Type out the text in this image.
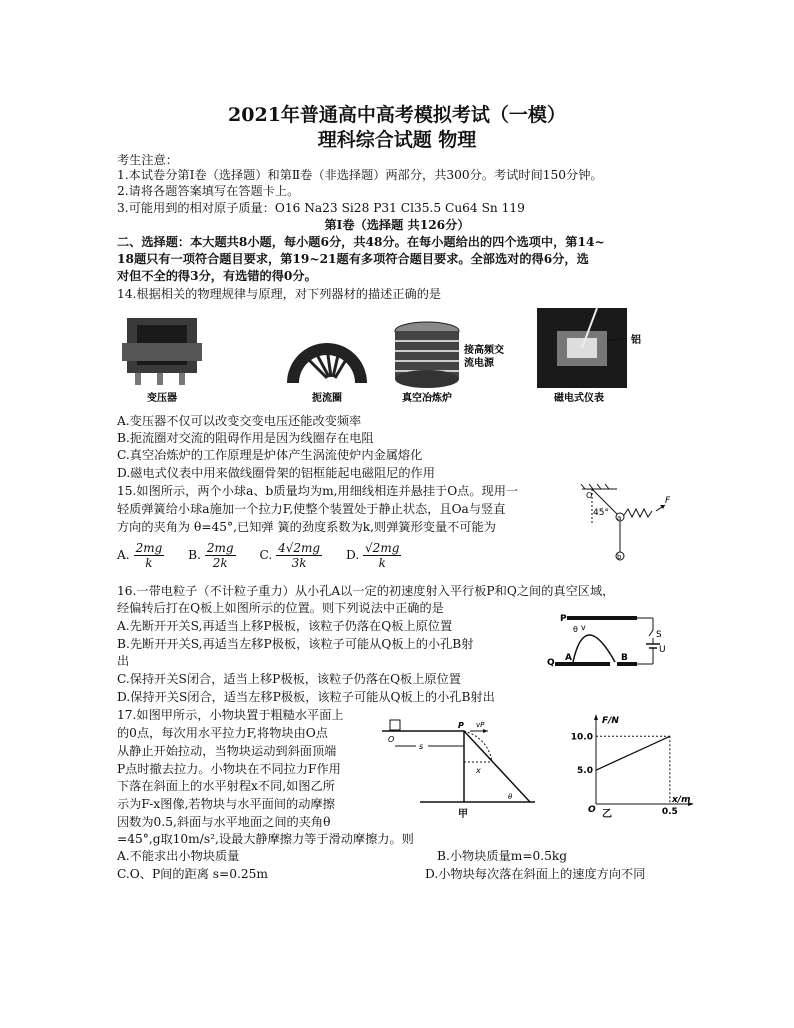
2021年普通高中高考模拟考试（一模）
理科综合试题 物理
考生注意：
1.本试卷分第Ⅰ卷（选择题）和第Ⅱ卷（非选择题）两部分，共300分。考试时间150分钟。
2.请将各题答案填写在答题卡上。
3.可能用到的相对原子质量：O16 Na23 Si28 P31 Cl35.5 Cu64 Sn 119
第Ⅰ卷（选择题 共126分）
二、选择题：本大题共8小题，每小题6分，共48分。在每小题给出的四个选项中，第14~
18题只有一项符合题目要求，第19~21题有多项符合题目要求。全部选对的得6分，选
对但不全的得3分，有选错的得0分。
14.根据相关的物理规律与原理，对下列器材的描述正确的是
接高频交
流电源
铝
变压器	扼流圈	真空冶炼炉	磁电式仪表
A.变压器不仅可以改变交变电压还能改变频率
B.扼流圈对交流的阻碍作用是因为线圈存在电阻
C.真空冶炼炉的工作原理是炉体产生涡流使炉内金属熔化
D.磁电式仪表中用来做线圈骨架的铝框能起电磁阻尼的作用
15.如图所示，两个小球a、b质量均为m,用细线相连并悬挂于O点。现用一
轻质弹簧给小球a施加一个拉力F,使整个装置处于静止状态，且Oa与竖直
方向的夹角为 θ=45°,已知弹 簧的劲度系数为k,则弹簧形变量不可能为
A. $\frac{2mg}{k} B$. $\frac{2mg}{2k} C$. $\frac{4√2mg}{3k} D$. $\frac{√2mg}{k}$
45°
O
a
F
b
16.一带电粒子（不计粒子重力）从小孔A以一定的初速度射入平行板P和Q之间的真空区域，
经偏转后打在Q板上如图所示的位置。则下列说法中正确的是
A.先断开开关S,再适当上移P极板，该粒子仍落在Q板上原位置
B.先断开开关S,再适当左移P极板，该粒子可能从Q板上的小孔B射
出
C.保持开关S闭合，适当上移P极板，该粒子仍落在Q板上原位置
D.保持开关S闭合，适当左移P极板，该粒子可能从Q板上的小孔B射出
P
θ v
Q A	B
S
U
17.如图甲所示，小物块置于粗糙水平面上
的0点，每次用水平拉力F,将物块由O点
从静止开始拉动，当物块运动到斜面顶端
P点时撤去拉力。小物块在不同拉力F作用
下落在斜面上的水平射程x不同,如图乙所
示为F-x图像,若物块与水平面间的动摩擦
因数为0.5,斜面与水平地面之间的夹角θ
=45°,g取10m/s²,设最大静摩擦力等于滑动摩擦力。则
A.不能求出小物块质量	B.小物块质量m=0.5kg
C.O、P间的距离 s=0.25m	D.小物块每次落在斜面上的速度方向不同
O
P vP
s
x
θ
甲
F/N
x/m
O
5.0
10.0
0.5
乙
